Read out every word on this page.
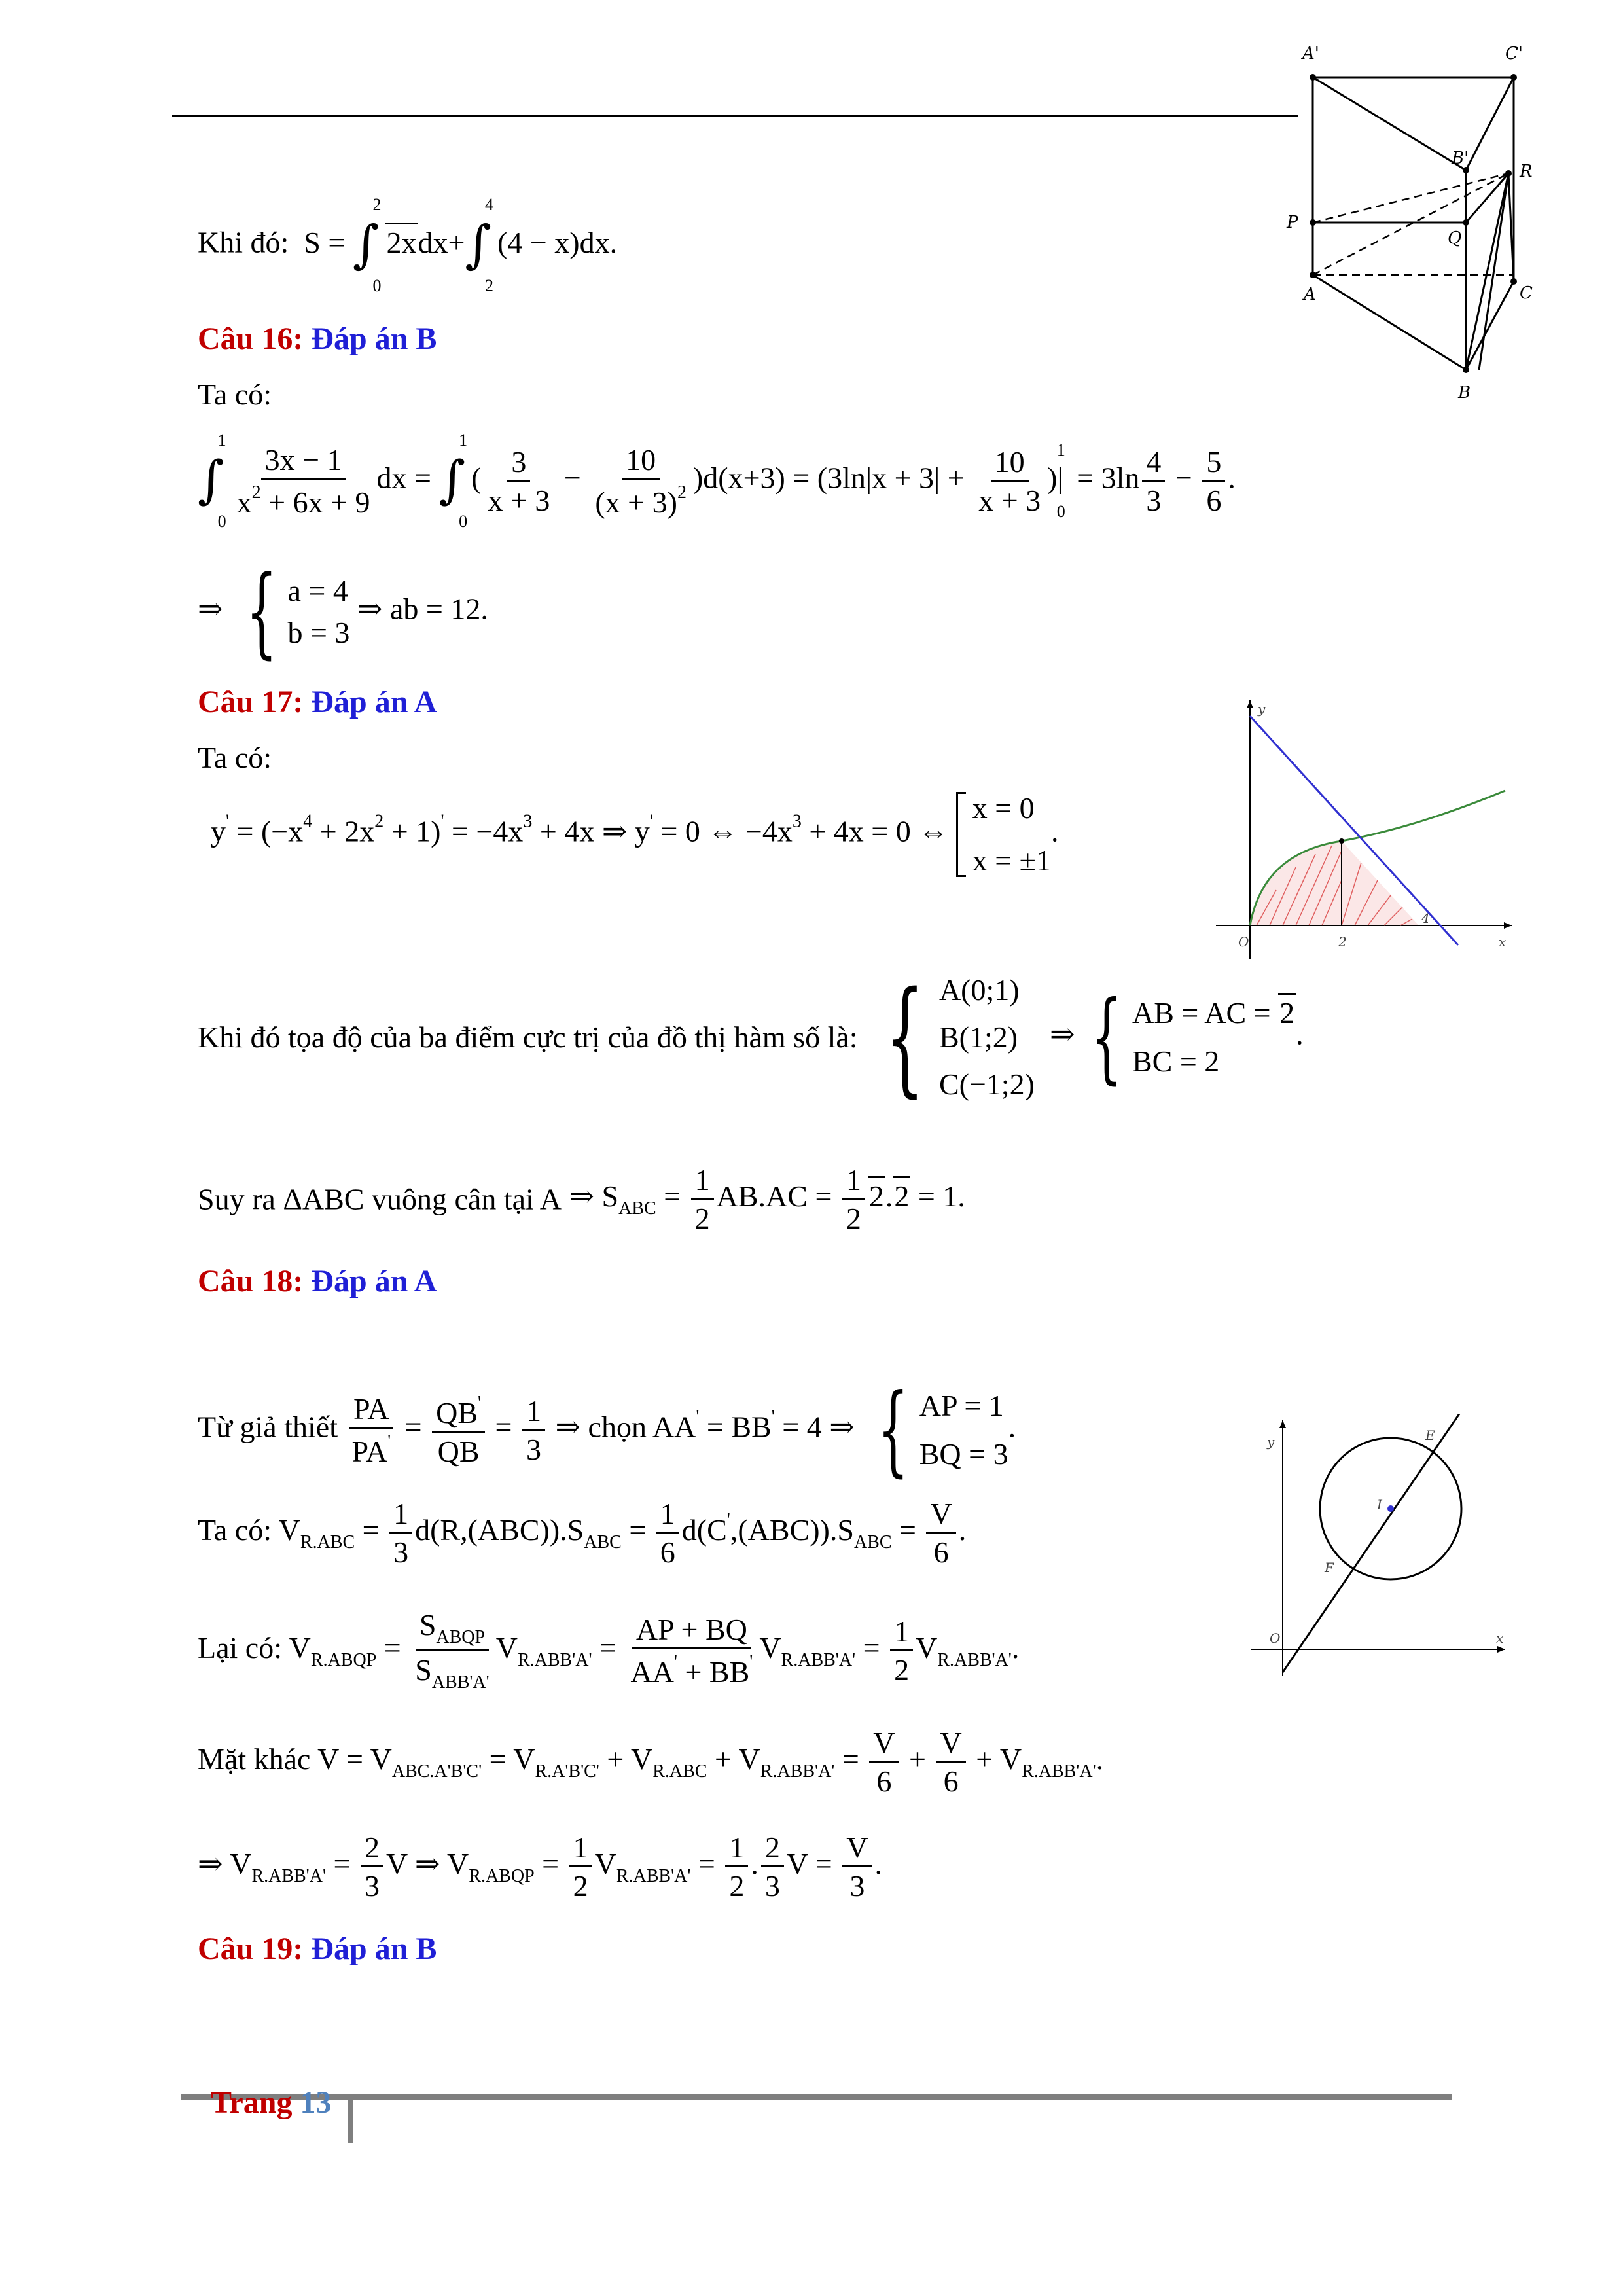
A'	C'
B'
R
P
Q
A	C
B
Khi đó: S = ∫
2
0
2xdx+∫
4
2
(4 − x)dx.
Câu 16: Đáp án B
Ta có:
∫
1
0
$\frac{3x - 1}{x^2 + 6x + 9}$ dx = ∫
1
0
( $\frac{3}{x + 3} - \frac{10}{(x + 3)^2} )d(x+3) = (3\ln|x + 3| + \frac{10}{x + 3}$ )|
1
0
= $3\ln \frac{4}{3} - \frac{5}{6}$ .
⇒ { a = 4
b = 3
⇒ ab = 12.
Câu 17: Đáp án A
Ta có:
$y' = (-x^4 + 2x^2 + 1)' = -4x^3 + 4x$ ⇒ y' = 0 ⇔ $-4x^3 + 4x = 0$ ⇔
x = 0
x = ±1
.
y
O	2
4
x
Khi đó tọa độ của ba điểm cực trị của đồ thị hàm số là: { A(0;1)
B(1;2)
C(−1;2)
⇒ { AB = AC = 2
BC = 2
.
Suy ra ΔABC vuông cân tại A ⇒ $S_{ABC} = \frac{1}{2} AB.AC = \frac{1}{2} 2.2 = 1$.
Câu 18: Đáp án A
Từ giả thiết $\frac{PA}{PA'} = \frac{QB'}{QB} = \frac{1}{3}$ ⇒ chọn AA' = BB' = 4 ⇒ { AP = 1
BQ = 3
.	y	E
I
F
O	x
Ta có: $V_{R.ABC} = \frac{1}{3} d(R,(ABC)).S_{ABC} = \frac{1}{6} d(C',(ABC)).S_{ABC} = \frac{V}{6}$ .
Lại có: $V_{R.ABQP} = \frac{S_{ABQP}}{S_{ABB'A'}} V_{R.ABB'A'} = \frac{AP + BQ}{AA' + BB'} V_{R.ABB'A'} = \frac{1}{2} V_{R.ABB'A'}$.
Mặt khác $V = V_{ABC.A'B'C'} = V_{R.A'B'C'} + V_{R.ABC} + V_{R.ABB'A'} = \frac{V}{6} + \frac{V}{6} + V_{R.ABB'A'}$.
⇒ $V_{R.ABB'A'} = \frac{2}{3}$ V ⇒ $V_{R.ABQP} = \frac{1}{2} V_{R.ABB'A'} = \frac{1}{2}$ . $\frac{2}{3}$ $V = \frac{V}{3}$ .
Câu 19: Đáp án B
Trang 13
